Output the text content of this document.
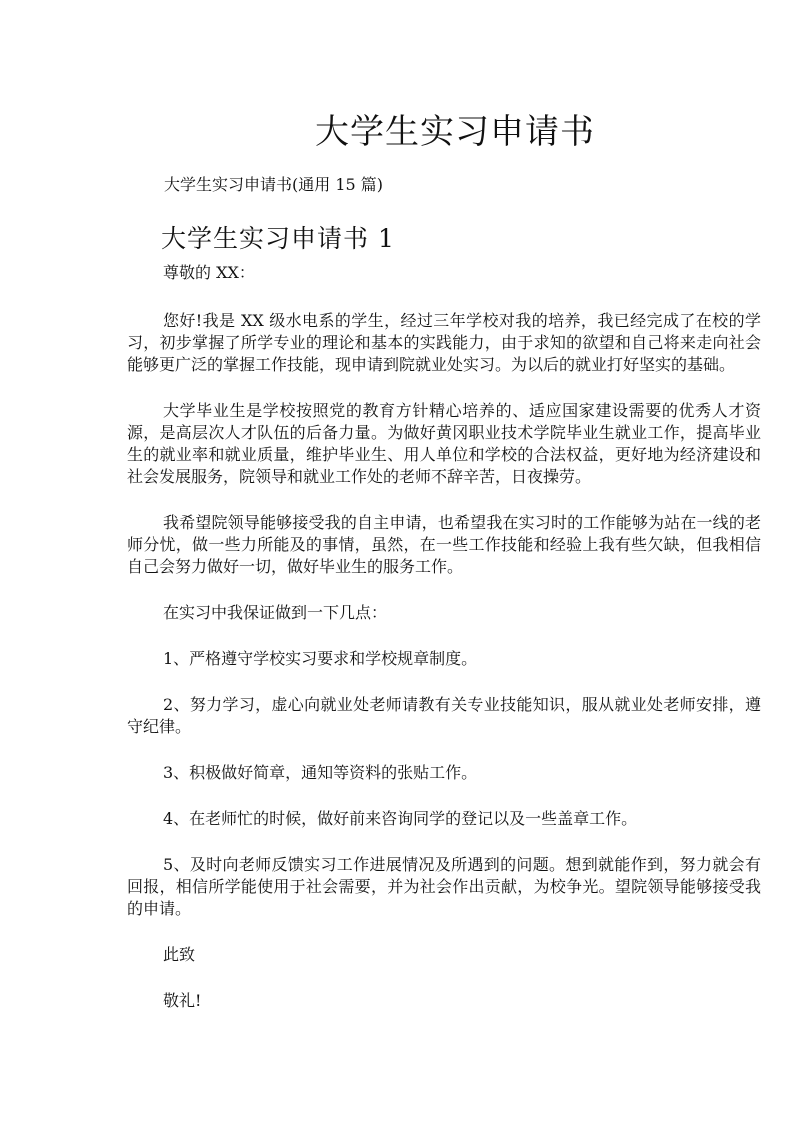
大学生实习申请书
大学生实习申请书(通用 15 篇)
大学生实习申请书 1

尊敬的 XX：

您好!我是 XX 级水电系的学生，经过三年学校对我的培养，我已经完成了在校的学习，初步掌握了所学专业的理论和基本的实践能力，由于求知的欲望和自己将来走向社会能够更广泛的掌握工作技能，现申请到院就业处实习。为以后的就业打好坚实的基础。

大学毕业生是学校按照党的教育方针精心培养的、适应国家建设需要的优秀人才资源，是高层次人才队伍的后备力量。为做好黄冈职业技术学院毕业生就业工作，提高毕业生的就业率和就业质量，维护毕业生、用人单位和学校的合法权益，更好地为经济建设和社会发展服务，院领导和就业工作处的老师不辞辛苦，日夜操劳。

我希望院领导能够接受我的自主申请，也希望我在实习时的工作能够为站在一线的老师分忧，做一些力所能及的事情，虽然，在一些工作技能和经验上我有些欠缺，但我相信自己会努力做好一切，做好毕业生的服务工作。

在实习中我保证做到一下几点：

1、严格遵守学校实习要求和学校规章制度。

2、努力学习，虚心向就业处老师请教有关专业技能知识，服从就业处老师安排，遵守纪律。

3、积极做好简章，通知等资料的张贴工作。

4、在老师忙的时候，做好前来咨询同学的登记以及一些盖章工作。

5、及时向老师反馈实习工作进展情况及所遇到的问题。想到就能作到，努力就会有回报，相信所学能使用于社会需要，并为社会作出贡献，为校争光。望院领导能够接受我的申请。

此致

敬礼!
